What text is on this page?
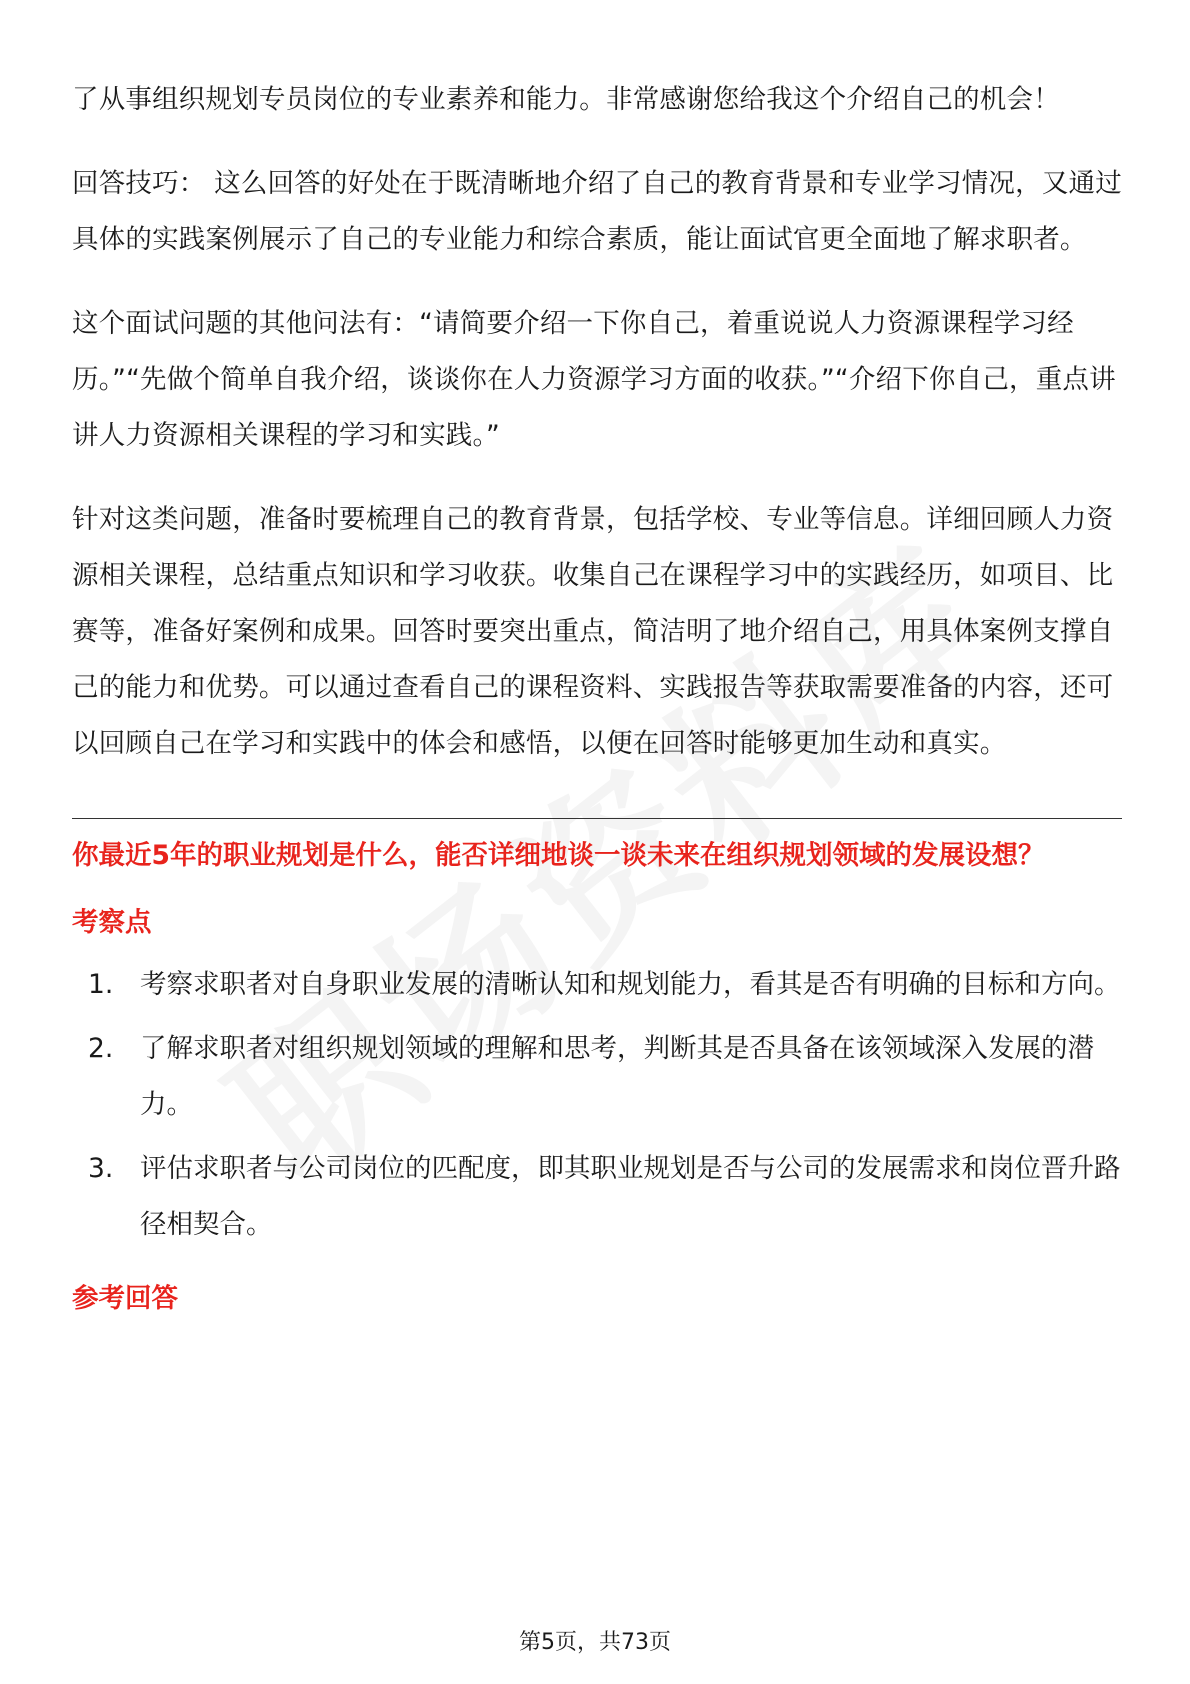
了从事组织规划专员岗位的专业素养和能力。非常感谢您给我这个介绍自己的机会！

回答技巧： 这么回答的好处在于既清晰地介绍了自己的教育背景和专业学习情况，又通过具体的实践案例展示了自己的专业能力和综合素质，能让面试官更全面地了解求职者。

这个面试问题的其他问法有：“请简要介绍一下你自己，着重说说人力资源课程学习经历。”“先做个简单自我介绍，谈谈你在人力资源学习方面的收获。”“介绍下你自己，重点讲讲人力资源相关课程的学习和实践。”

针对这类问题，准备时要梳理自己的教育背景，包括学校、专业等信息。详细回顾人力资源相关课程，总结重点知识和学习收获。收集自己在课程学习中的实践经历，如项目、比赛等，准备好案例和成果。回答时要突出重点，简洁明了地介绍自己，用具体案例支撑自己的能力和优势。可以通过查看自己的课程资料、实践报告等获取需要准备的内容，还可以回顾自己在学习和实践中的体会和感悟，以便在回答时能够更加生动和真实。

你最近5年的职业规划是什么，能否详细地谈一谈未来在组织规划领域的发展设想？
考察点
1. 考察求职者对自身职业发展的清晰认知和规划能力，看其是否有明确的目标和方向。
2. 了解求职者对组织规划领域的理解和思考，判断其是否具备在该领域深入发展的潜力。
3. 评估求职者与公司岗位的匹配度，即其职业规划是否与公司的发展需求和岗位晋升路径相契合。
参考回答
第5页，共73页
